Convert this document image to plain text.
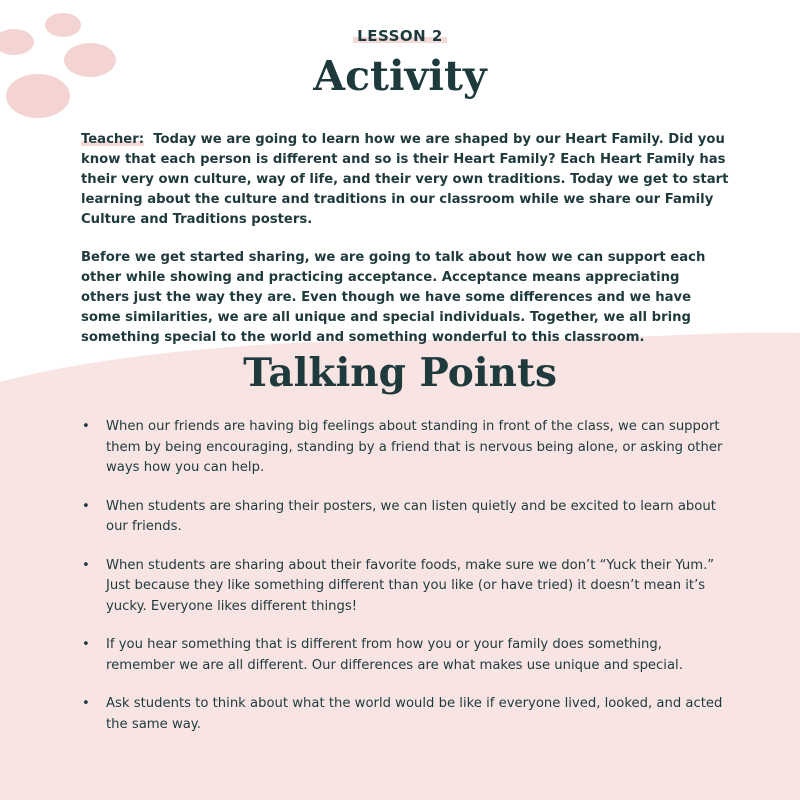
LESSON 2
Activity

Teacher: Today we are going to learn how we are shaped by our Heart Family. Did you know that each person is different and so is their Heart Family? Each Heart Family has their very own culture, way of life, and their very own traditions. Today we get to start learning about the culture and traditions in our classroom while we share our Family Culture and Traditions posters.

Before we get started sharing, we are going to talk about how we can support each other while showing and practicing acceptance. Acceptance means appreciating others just the way they are. Even though we have some differences and we have some similarities, we are all unique and special individuals. Together, we all bring something special to the world and something wonderful to this classroom.

Talking Points
• When our friends are having big feelings about standing in front of the class, we can support them by being encouraging, standing by a friend that is nervous being alone, or asking other ways how you can help.
• When students are sharing their posters, we can listen quietly and be excited to learn about our friends.
• When students are sharing about their favorite foods, make sure we don’t “Yuck their Yum.” Just because they like something different than you like (or have tried) it doesn’t mean it’s yucky. Everyone likes different things!
• If you hear something that is different from how you or your family does something, remember we are all different. Our differences are what makes use unique and special.
• Ask students to think about what the world would be like if everyone lived, looked, and acted the same way.
